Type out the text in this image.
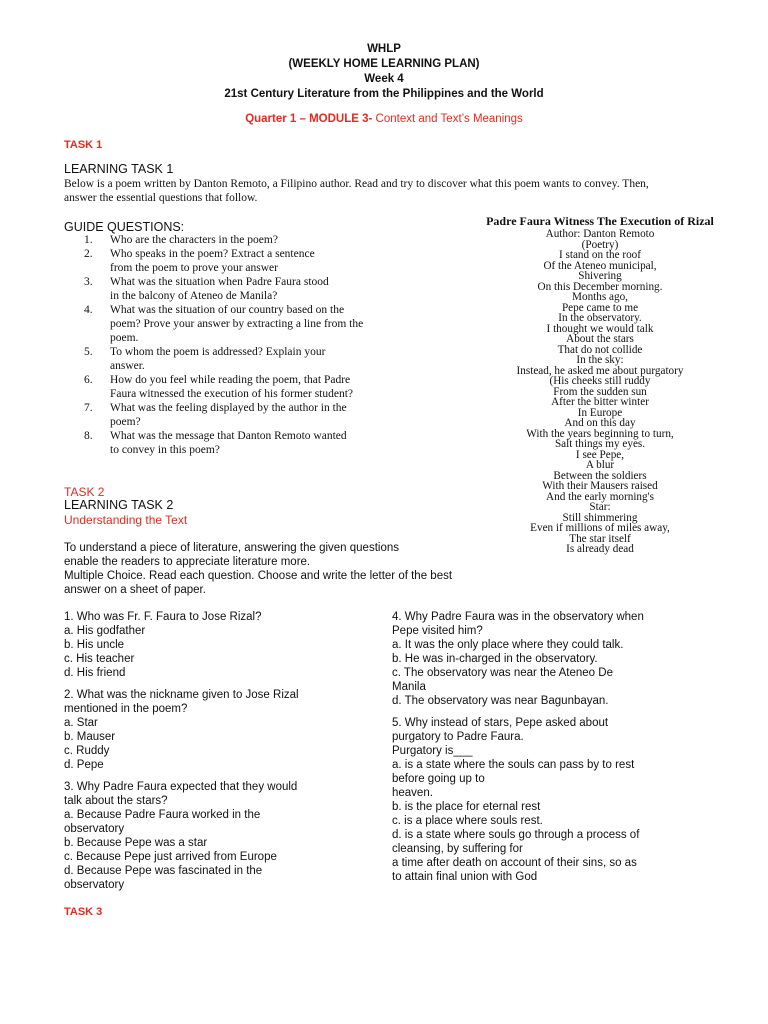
WHLP
(WEEKLY HOME LEARNING PLAN)
Week 4
21st Century Literature from the Philippines and the World
Quarter 1 – MODULE 3- Context and Text’s Meanings
TASK 1
LEARNING TASK 1
Below is a poem written by Danton Remoto, a Filipino author. Read and try to discover what this poem wants to convey. Then, answer the essential questions that follow.
GUIDE QUESTIONS:
1.	Who are the characters in the poem?
2.	Who speaks in the poem? Extract a sentence
from the poem to prove your answer
3.	What was the situation when Padre Faura stood
in the balcony of Ateneo de Manila?
4.	What was the situation of our country based on the
poem? Prove your answer by extracting a line from the
poem.
5.	To whom the poem is addressed? Explain your
answer.
6.	How do you feel while reading the poem, that Padre
Faura witnessed the execution of his former student?
7.	What was the feeling displayed by the author in the
poem?
8.	What was the message that Danton Remoto wanted
to convey in this poem?
Padre Faura Witness The Execution of Rizal
Author: Danton Remoto
(Poetry)
I stand on the roof
Of the Ateneo municipal,
Shivering
On this December morning.
Months ago,
Pepe came to me
In the observatory.
I thought we would talk
About the stars
That do not collide
In the sky:
Instead, he asked me about purgatory
(His cheeks still ruddy
From the sudden sun
After the bitter winter
In Europe
And on this day
With the years beginning to turn,
Salt things my eyes.
I see Pepe,
A blur
Between the soldiers
With their Mausers raised
And the early morning's
Star:
Still shimmering
Even if millions of miles away,
The star itself
Is already dead
TASK 2
LEARNING TASK 2
Understanding the Text
To understand a piece of literature, answering the given questions
enable the readers to appreciate literature more.
Multiple Choice. Read each question. Choose and write the letter of the best
answer on a sheet of paper.
1. Who was Fr. F. Faura to Jose Rizal?
a. His godfather
b. His uncle
c. His teacher
d. His friend
2. What was the nickname given to Jose Rizal
mentioned in the poem?
a. Star
b. Mauser
c. Ruddy
d. Pepe
3. Why Padre Faura expected that they would
talk about the stars?
a. Because Padre Faura worked in the
observatory
b. Because Pepe was a star
c. Because Pepe just arrived from Europe
d. Because Pepe was fascinated in the
observatory
4. Why Padre Faura was in the observatory when
Pepe visited him?
a. It was the only place where they could talk.
b. He was in-charged in the observatory.
c. The observatory was near the Ateneo De
Manila
d. The observatory was near Bagunbayan.
5. Why instead of stars, Pepe asked about
purgatory to Padre Faura.
Purgatory is___
a. is a state where the souls can pass by to rest
before going up to
heaven.
b. is the place for eternal rest
c. is a place where souls rest.
d. is a state where souls go through a process of
cleansing, by suffering for
a time after death on account of their sins, so as
to attain final union with God
TASK 3
